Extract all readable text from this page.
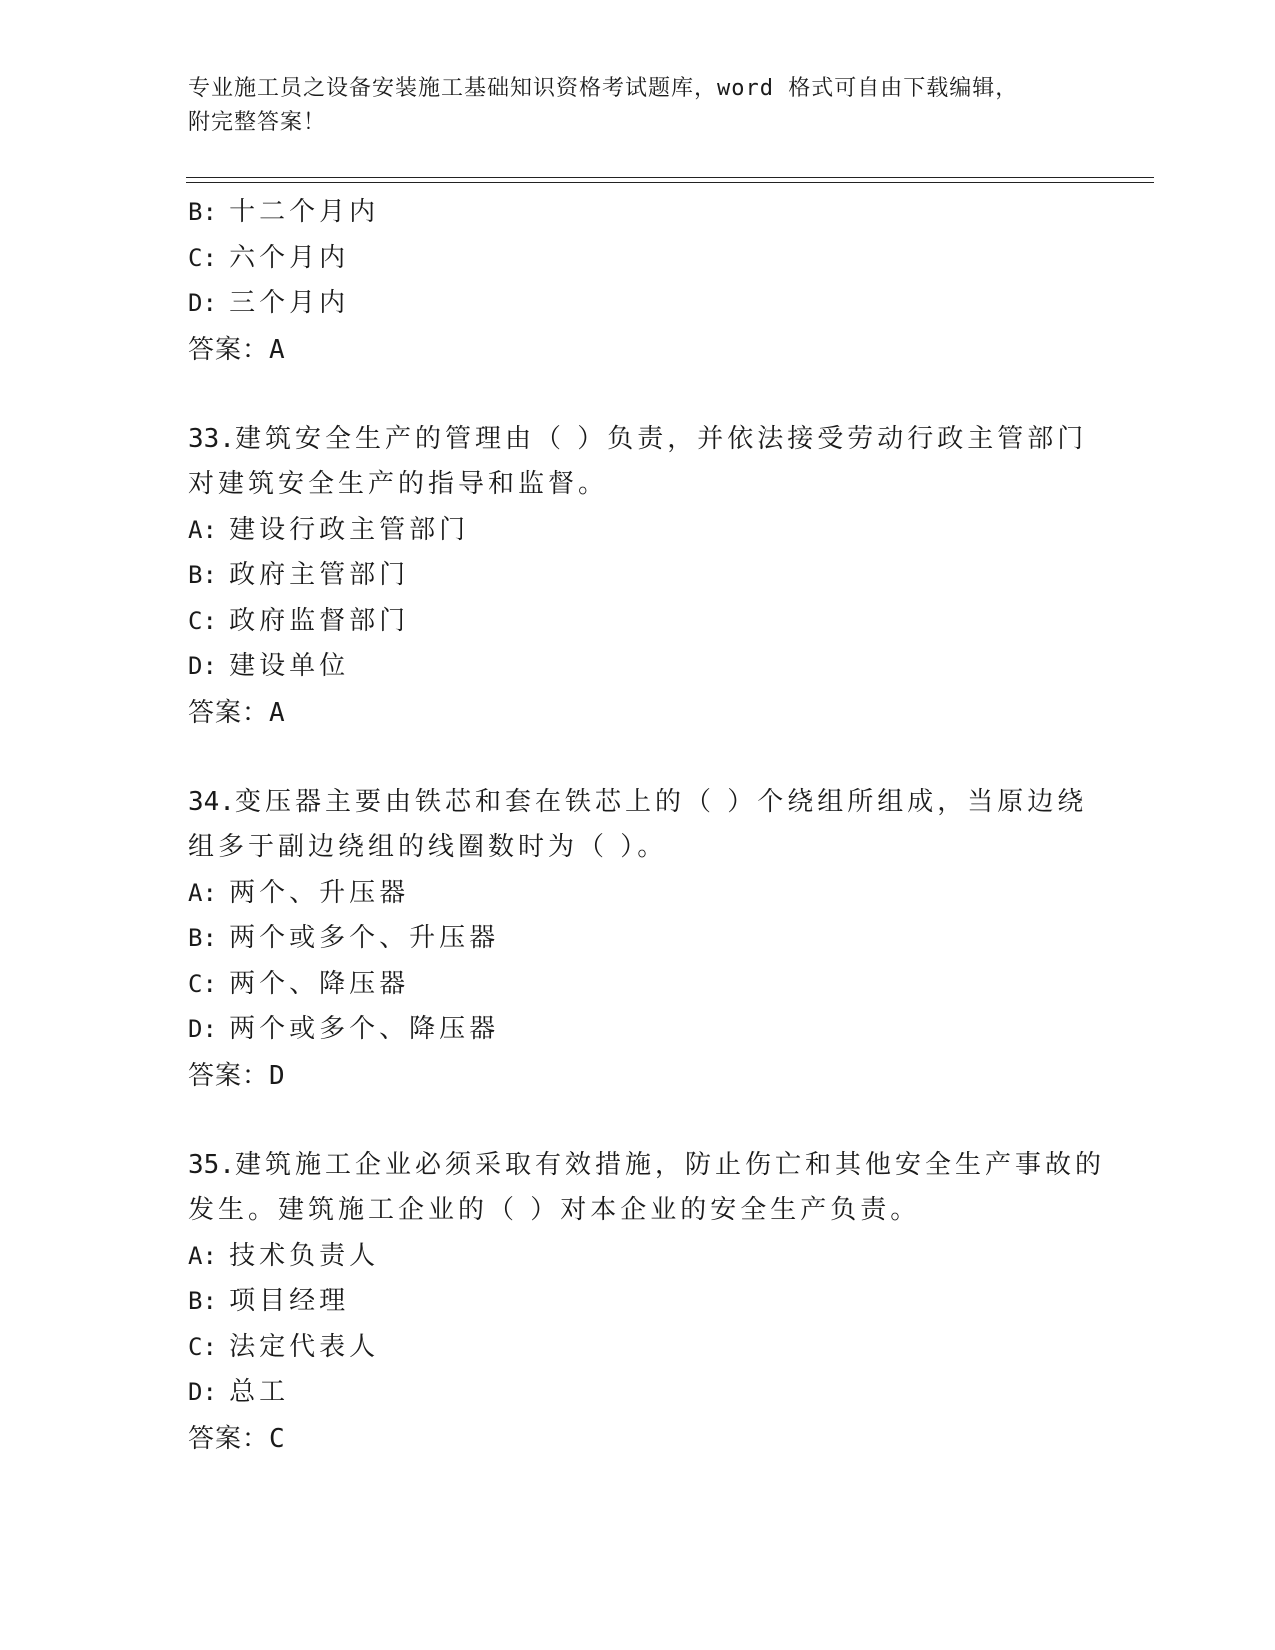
专业施工员之设备安装施工基础知识资格考试题库，word 格式可自由下载编辑，
附完整答案！
B: 十二个月内
C: 六个月内
D: 三个月内
答案：A
33.建筑安全生产的管理由（ ）负责，并依法接受劳动行政主管部门
对建筑安全生产的指导和监督。
A: 建设行政主管部门
B: 政府主管部门
C: 政府监督部门
D: 建设单位
答案：A
34.变压器主要由铁芯和套在铁芯上的（ ）个绕组所组成，当原边绕
组多于副边绕组的线圈数时为（ ）。
A: 两个、升压器
B: 两个或多个、升压器
C: 两个、降压器
D: 两个或多个、降压器
答案：D
35.建筑施工企业必须采取有效措施，防止伤亡和其他安全生产事故的
发生。建筑施工企业的（ ）对本企业的安全生产负责。
A: 技术负责人
B: 项目经理
C: 法定代表人
D: 总工
答案：C
